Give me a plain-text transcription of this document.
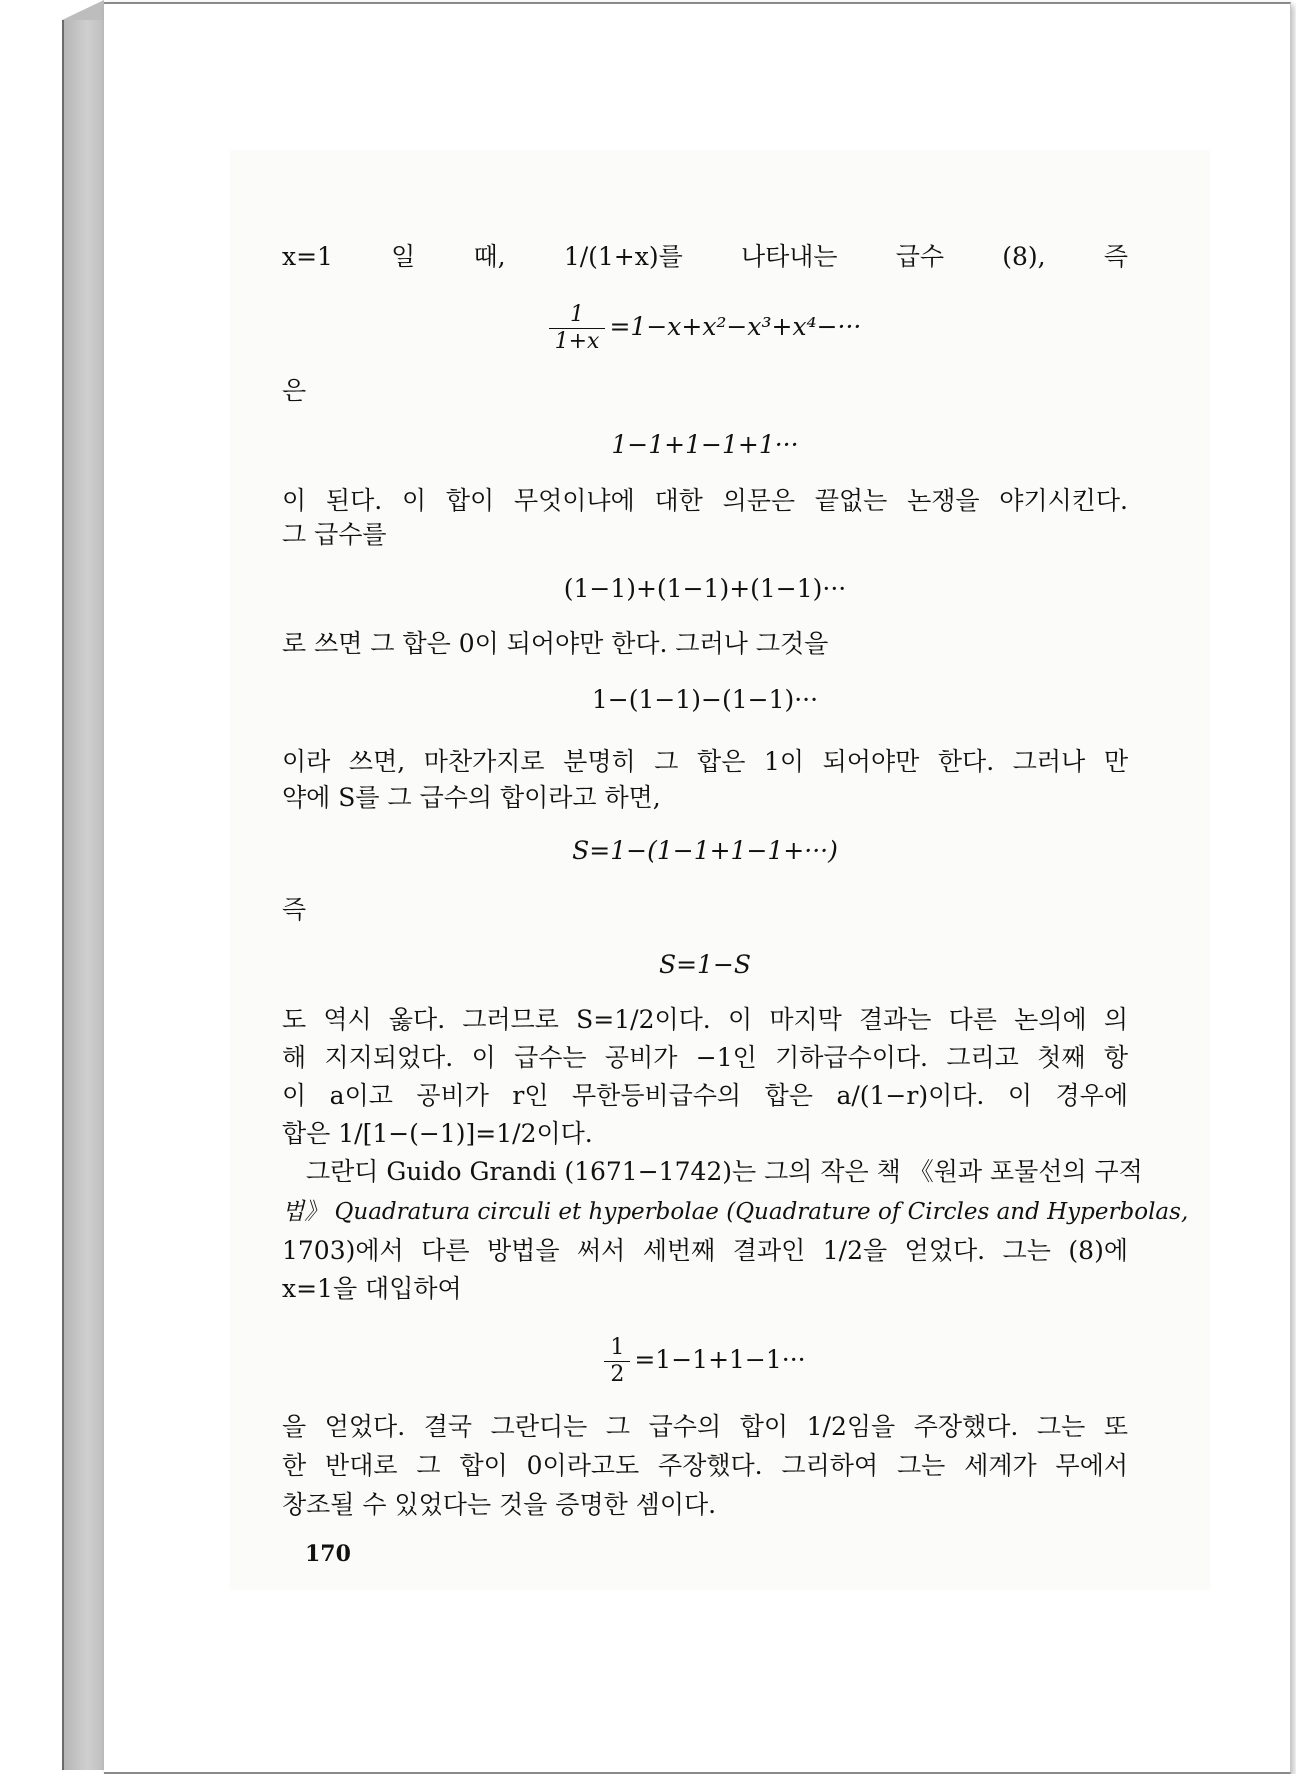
x=1 일 때, 1/(1+x)를 나타내는 급수 (8), 즉
$\frac{1}{1+x} =1-x+x^2-x^3+x^4-\cdot\cdot\cdot$
은
1−1+1−1+1···
이 된다. 이 합이 무엇이냐에 대한 의문은 끝없는 논쟁을 야기시킨다.
그 급수를
(1−1)+(1−1)+(1−1)···
로 쓰면 그 합은 0이 되어야만 한다. 그러나 그것을
1−(1−1)−(1−1)···
이라 쓰면, 마찬가지로 분명히 그 합은 1이 되어야만 한다. 그러나 만
약에 S를 그 급수의 합이라고 하면,
S=1−(1−1+1−1+···)
즉
S=1−S
도 역시 옳다. 그러므로 S=1/2이다. 이 마지막 결과는 다른 논의에 의
해 지지되었다. 이 급수는 공비가 −1인 기하급수이다. 그리고 첫째 항
이 a이고 공비가 r인 무한등비급수의 합은 a/(1−r)이다. 이 경우에
합은 1/[1−(−1)]=1/2이다.
그란디 Guido Grandi (1671−1742)는 그의 작은 책 《원과 포물선의 구적
법》 Quadratura circuli et hyperbolae (Quadrature of Circles and Hyperbolas,
1703)에서 다른 방법을 써서 세번째 결과인 1/2을 얻었다. 그는 (8)에
x=1을 대입하여
$\frac{1}{2} =1-1+1-1\cdot\cdot\cdot$
을 얻었다. 결국 그란디는 그 급수의 합이 1/2임을 주장했다. 그는 또
한 반대로 그 합이 0이라고도 주장했다. 그리하여 그는 세계가 무에서
창조될 수 있었다는 것을 증명한 셈이다.
170
